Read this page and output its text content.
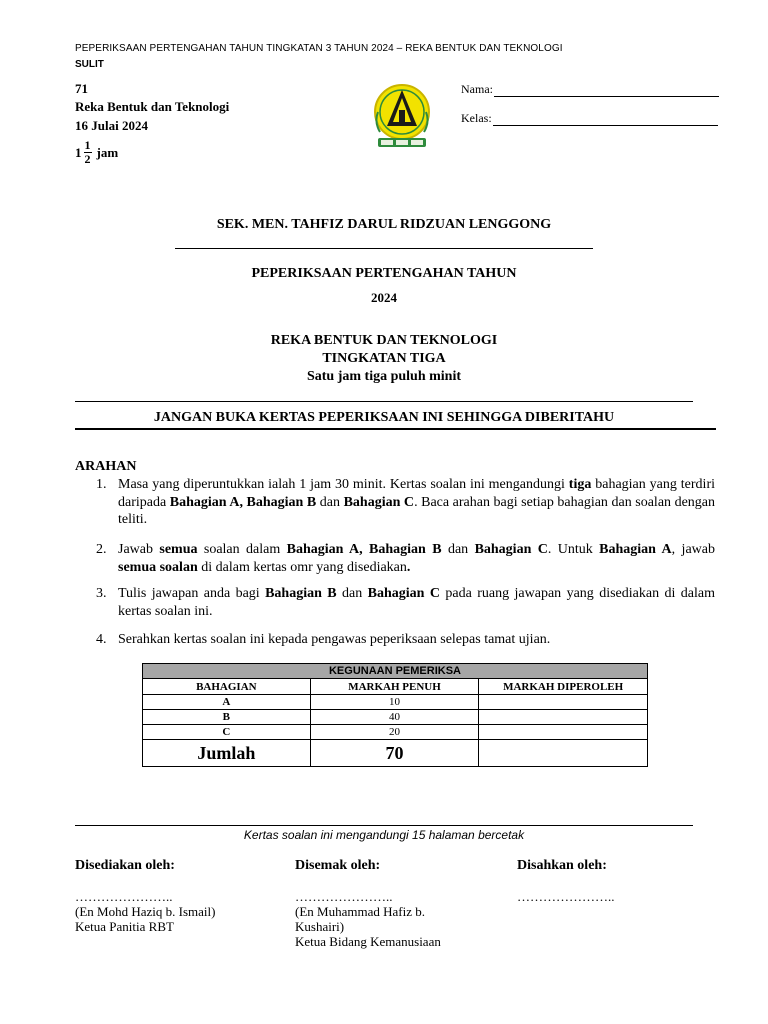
PEPERIKSAAN PERTENGAHAN TAHUN TINGKATAN 3 TAHUN 2024 – REKA BENTUK DAN TEKNOLOGI
SULIT
71
Reka Bentuk dan Teknologi
16 Julai 2024
$1 \frac{1}{2}$ jam
Nama:
Kelas:
SEK. MEN. TAHFIZ DARUL RIDZUAN LENGGONG
PEPERIKSAAN PERTENGAHAN TAHUN
2024
REKA BENTUK DAN TEKNOLOGI
TINGKATAN TIGA
Satu jam tiga puluh minit
JANGAN BUKA KERTAS PEPERIKSAAN INI SEHINGGA DIBERITAHU
ARAHAN
1. Masa yang diperuntukkan ialah 1 jam 30 minit. Kertas soalan ini mengandungi tiga bahagian yang terdiri daripada Bahagian A, Bahagian B dan Bahagian C. Baca arahan bagi setiap bahagian dan soalan dengan teliti.
2. Jawab semua soalan dalam Bahagian A, Bahagian B dan Bahagian C. Untuk Bahagian A, jawab semua soalan di dalam kertas omr yang disediakan.
3. Tulis jawapan anda bagi Bahagian B dan Bahagian C pada ruang jawapan yang disediakan di dalam kertas soalan ini.
4. Serahkan kertas soalan ini kepada pengawas peperiksaan selepas tamat ujian.
KEGUNAAN PEMERIKSA		
BAHAGIAN	MARKAH PENUH	MARKAH DIPEROLEH
A	10	
B	40	
C	20	
Jumlah	70	
Kertas soalan ini mengandungi 15 halaman bercetak
Disediakan oleh:
…………………..
(En Mohd Haziq b. Ismail)
Ketua Panitia RBT
Disemak oleh:
…………………..
(En Muhammad Hafiz b.
Kushairi)
Ketua Bidang Kemanusiaan
Disahkan oleh:
…………………..
